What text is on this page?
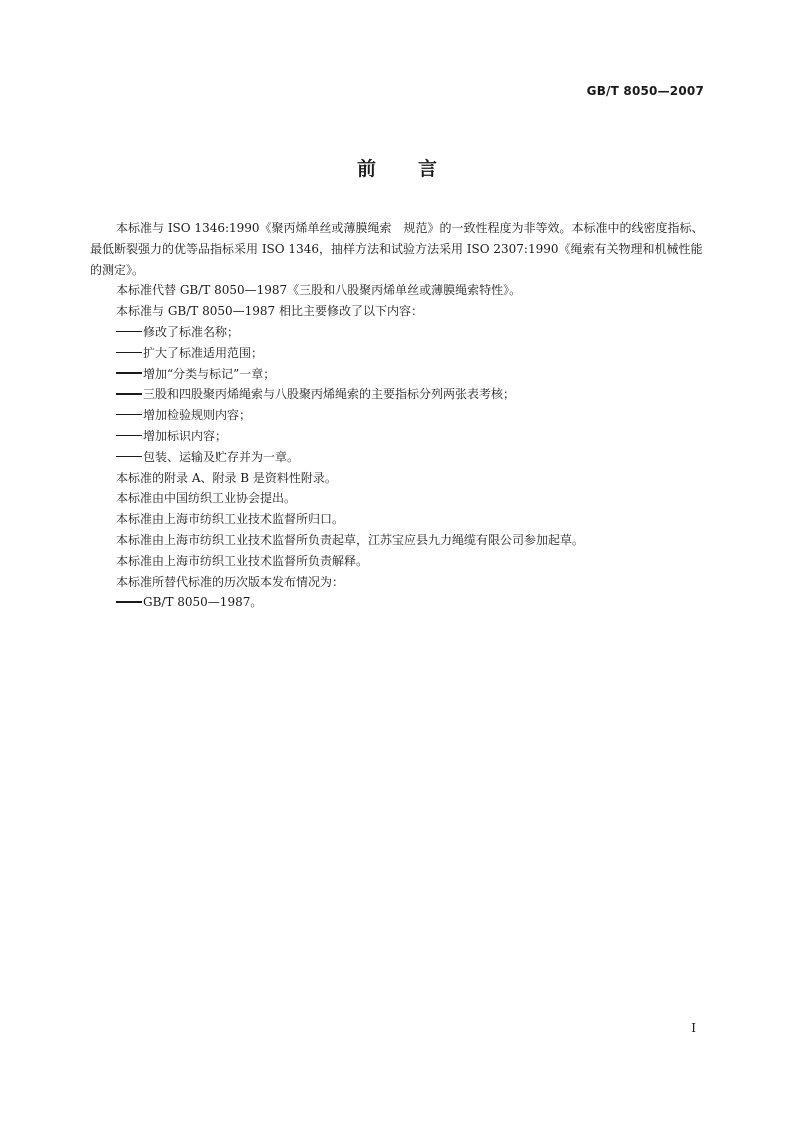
GB/T 8050—2007
前 言

本标准与 ISO 1346:1990《聚丙烯单丝或薄膜绳索　规范》的一致性程度为非等效。本标准中的线密度指标、最低断裂强力的优等品指标采用 ISO 1346，抽样方法和试验方法采用 ISO 2307:1990《绳索有关物理和机械性能的测定》。

本标准代替 GB/T 8050—1987《三股和八股聚丙烯单丝或薄膜绳索特性》。

本标准与 GB/T 8050—1987 相比主要修改了以下内容：

修改了标准名称；

扩大了标准适用范围；

增加“分类与标记”一章；

三股和四股聚丙烯绳索与八股聚丙烯绳索的主要指标分列两张表考核；

增加检验规则内容；

增加标识内容；

包装、运输及贮存并为一章。

本标准的附录 A、附录 B 是资料性附录。

本标准由中国纺织工业协会提出。

本标准由上海市纺织工业技术监督所归口。

本标准由上海市纺织工业技术监督所负责起草，江苏宝应县九力绳缆有限公司参加起草。

本标准由上海市纺织工业技术监督所负责解释。

本标准所替代标准的历次版本发布情况为：

GB/T 8050—1987。

I
